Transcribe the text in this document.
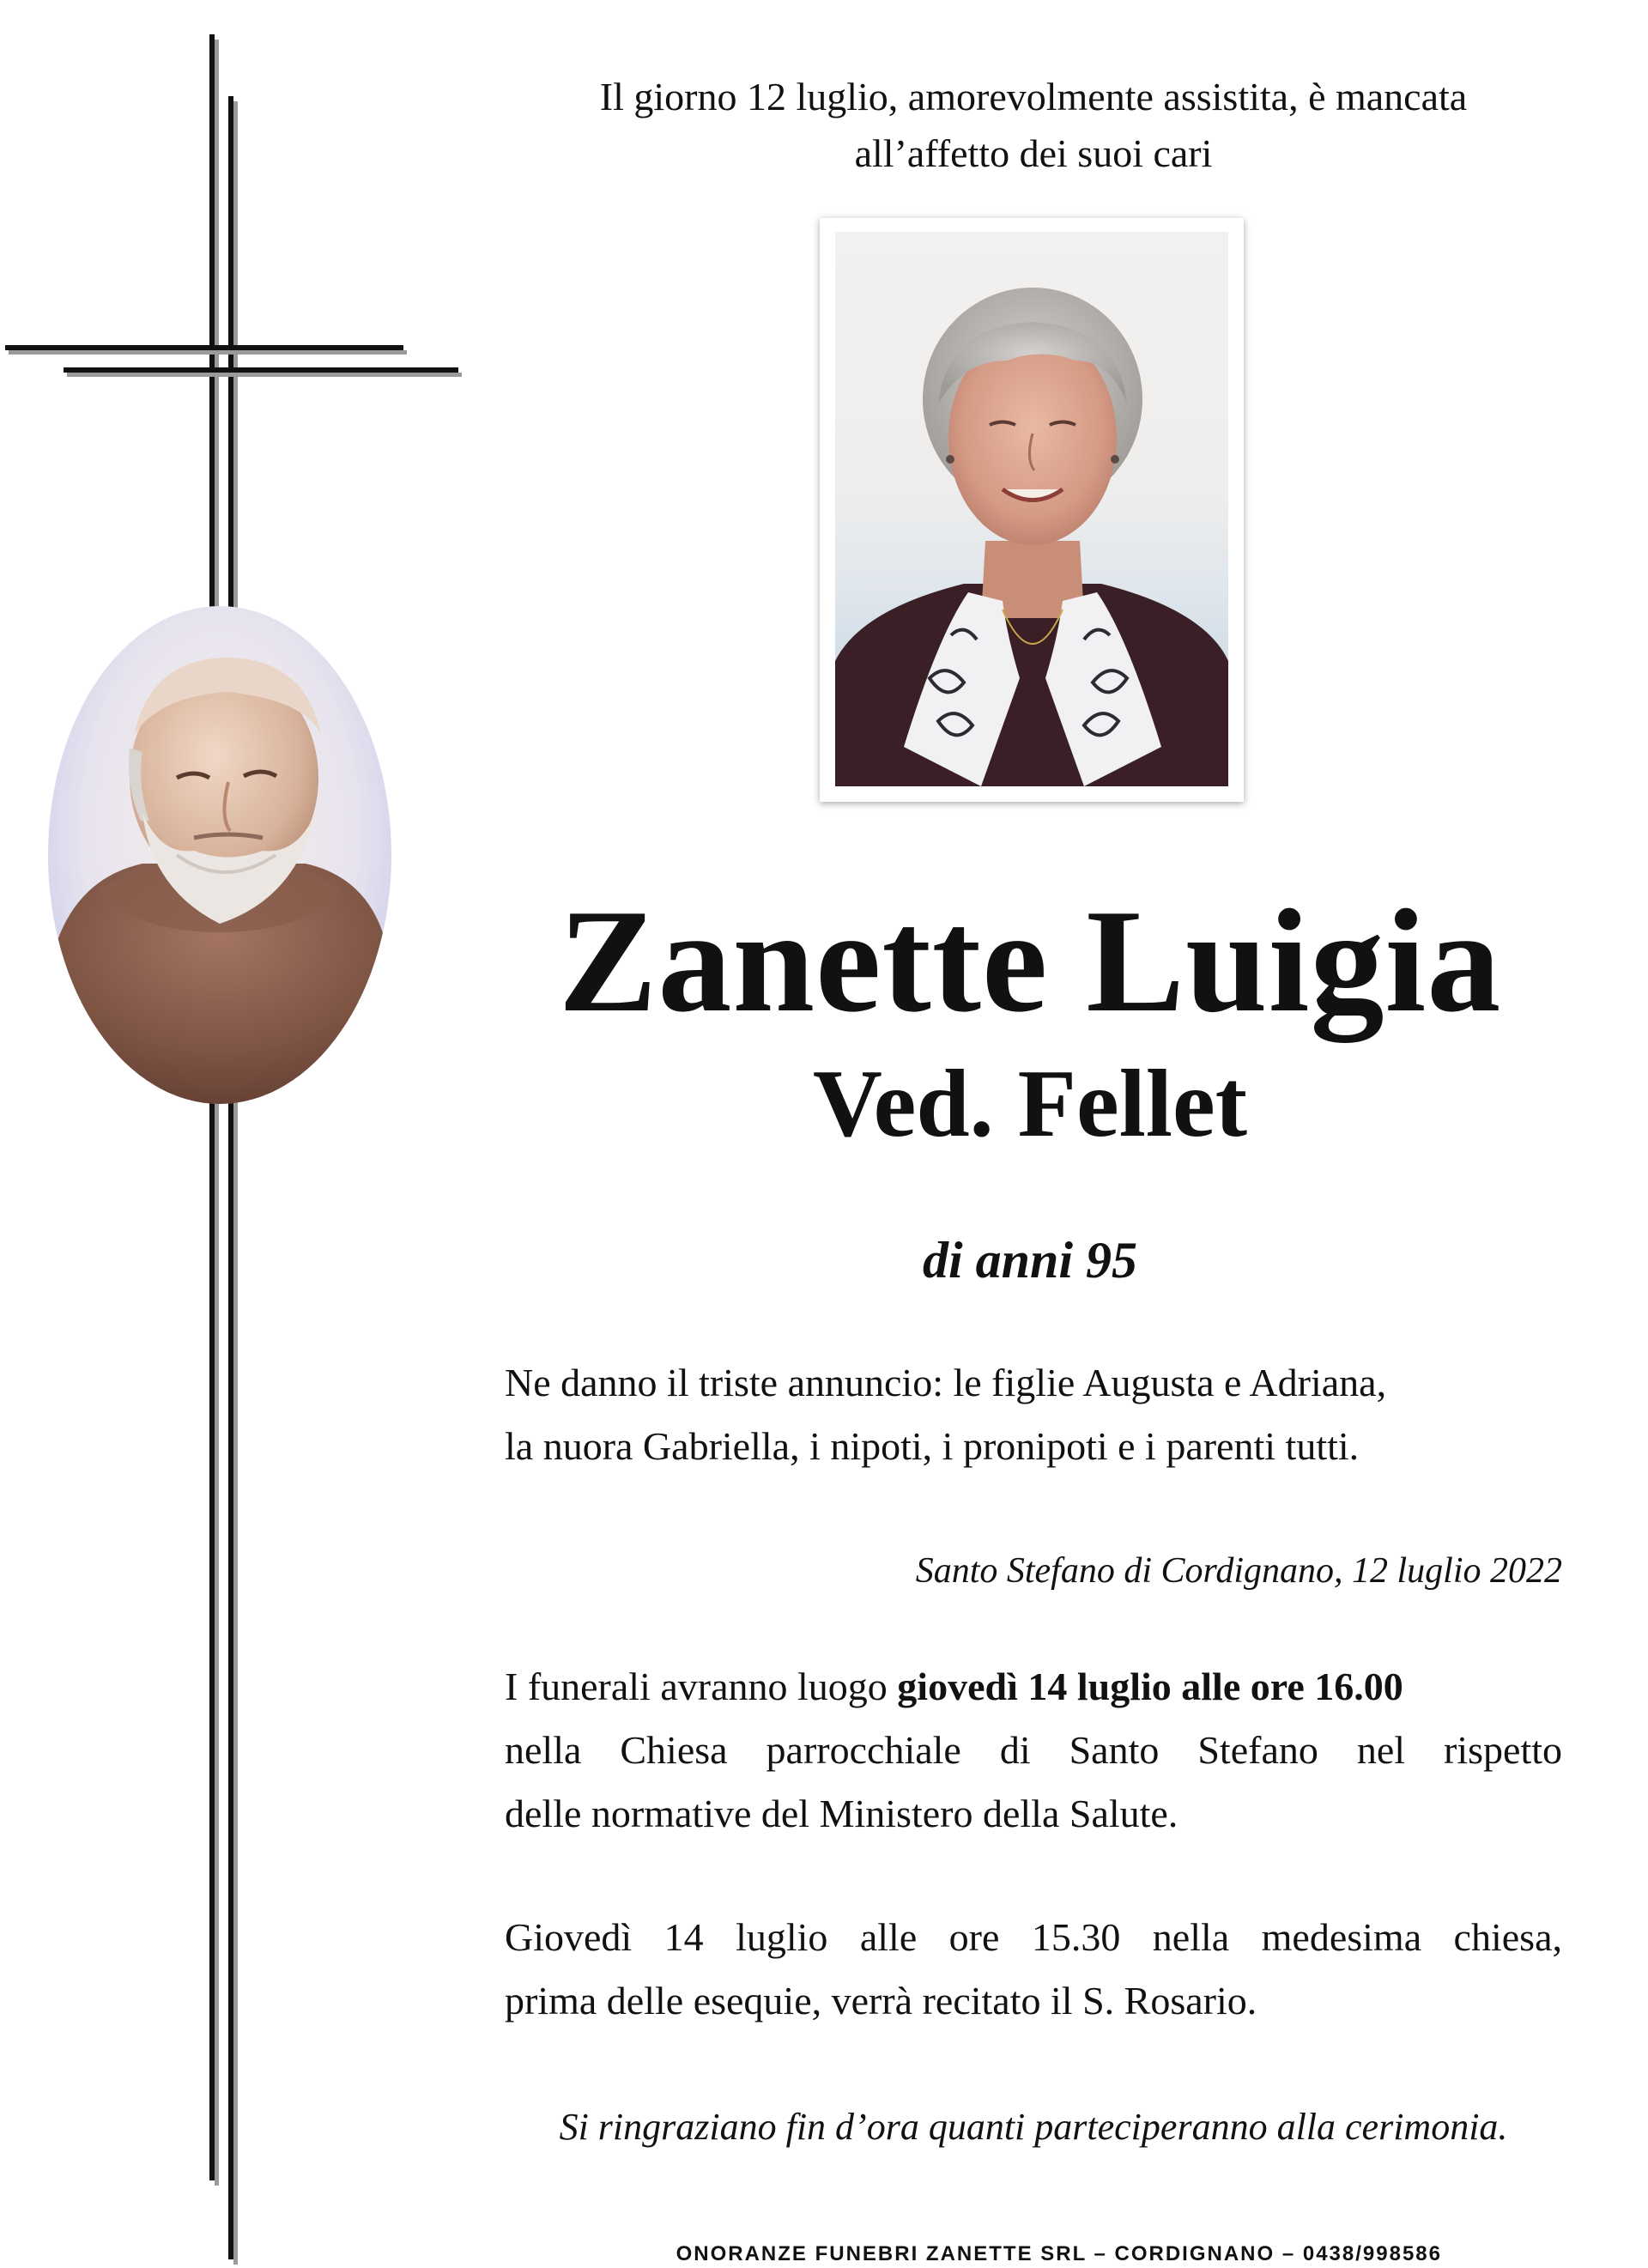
Il giorno 12 luglio, amorevolmente assistita, è mancata
all’affetto dei suoi cari
Zanette Luigia
Ved. Fellet
di anni 95
Ne danno il triste annuncio: le figlie Augusta e Adriana,
la nuora Gabriella, i nipoti, i pronipoti e i parenti tutti.
Santo Stefano di Cordignano, 12 luglio 2022
I funerali avranno luogo giovedì 14 luglio alle ore 16.00
nella Chiesa parrocchiale di Santo Stefano nel rispetto
delle normative del Ministero della Salute.
Giovedì 14 luglio alle ore 15.30 nella medesima chiesa,
prima delle esequie, verrà recitato il S. Rosario.
Si ringraziano fin d’ora quanti parteciperanno alla cerimonia.
ONORANZE FUNEBRI ZANETTE SRL – CORDIGNANO – 0438/998586
